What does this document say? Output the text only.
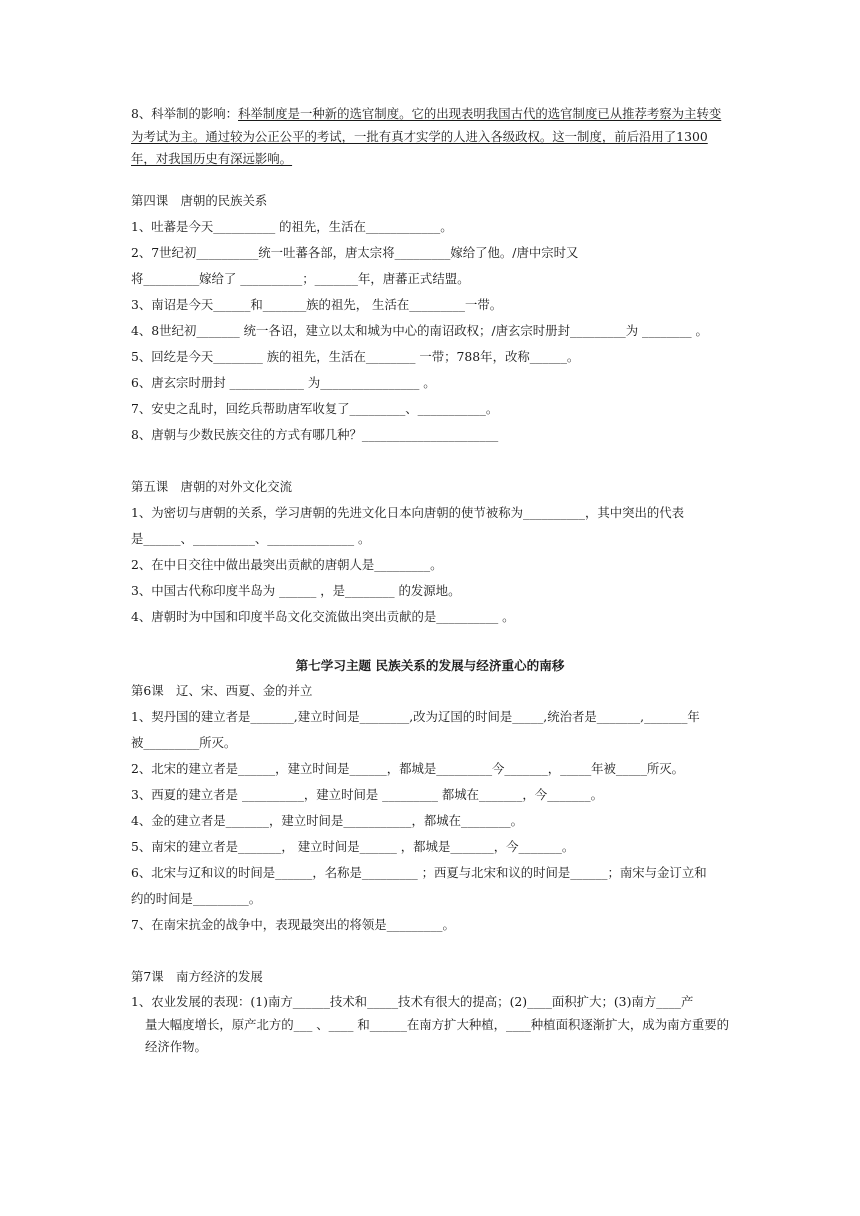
8、科举制的影响：科举制度是一种新的选官制度。它的出现表明我国古代的选官制度已从推荐考察为主转变为考试为主。通过较为公正公平的考试，一批有真才实学的人进入各级政权。这一制度，前后沿用了1300年，对我国历史有深远影响。
第四课　唐朝的民族关系
1、吐蕃是今天__________ 的祖先，生活在____________。
2、7世纪初__________统一吐蕃各部，唐太宗将_________嫁给了他。/唐中宗时又
将_________嫁给了 __________；_______年，唐蕃正式结盟。
3、南诏是今天______和_______族的祖先， 生活在_________一带。
4、8世纪初_______ 统一各诏，建立以太和城为中心的南诏政权；/唐玄宗时册封_________为 ________ 。
5、回纥是今天________ 族的祖先，生活在________ 一带；788年，改称______。
6、唐玄宗时册封 ____________ 为________________ 。
7、安史之乱时，回纥兵帮助唐军收复了_________、___________。
8、唐朝与少数民族交往的方式有哪几种？______________________
第五课　唐朝的对外文化交流
1、为密切与唐朝的关系，学习唐朝的先进文化日本向唐朝的使节被称为__________，其中突出的代表
是______、__________、______________ 。
2、在中日交往中做出最突出贡献的唐朝人是_________。
3、中国古代称印度半岛为 ______ ，是________ 的发源地。
4、唐朝时为中国和印度半岛文化交流做出突出贡献的是__________ 。
第七学习主题 民族关系的发展与经济重心的南移
第6课　辽、宋、西夏、金的并立
1、契丹国的建立者是_______,建立时间是________,改为辽国的时间是_____,统治者是_______,_______年
被_________所灭。
2、北宋的建立者是______，建立时间是______，都城是_________今_______，_____年被_____所灭。
3、西夏的建立者是 __________，建立时间是 _________ 都城在_______，今_______。
4、金的建立者是_______，建立时间是___________，都城在________。
5、南宋的建立者是_______， 建立时间是______ ，都城是_______，今_______。
6、北宋与辽和议的时间是______，名称是_________ ；西夏与北宋和议的时间是______；南宋与金订立和
约的时间是_________。
7、在南宋抗金的战争中，表现最突出的将领是_________。
第7课　南方经济的发展
1、农业发展的表现：(1)南方______技术和_____技术有很大的提高；(2)____面积扩大；(3)南方____产
量大幅度增长，原产北方的___ 、____ 和______在南方扩大种植，____种植面积逐渐扩大，成为南方重要的经济作物。
